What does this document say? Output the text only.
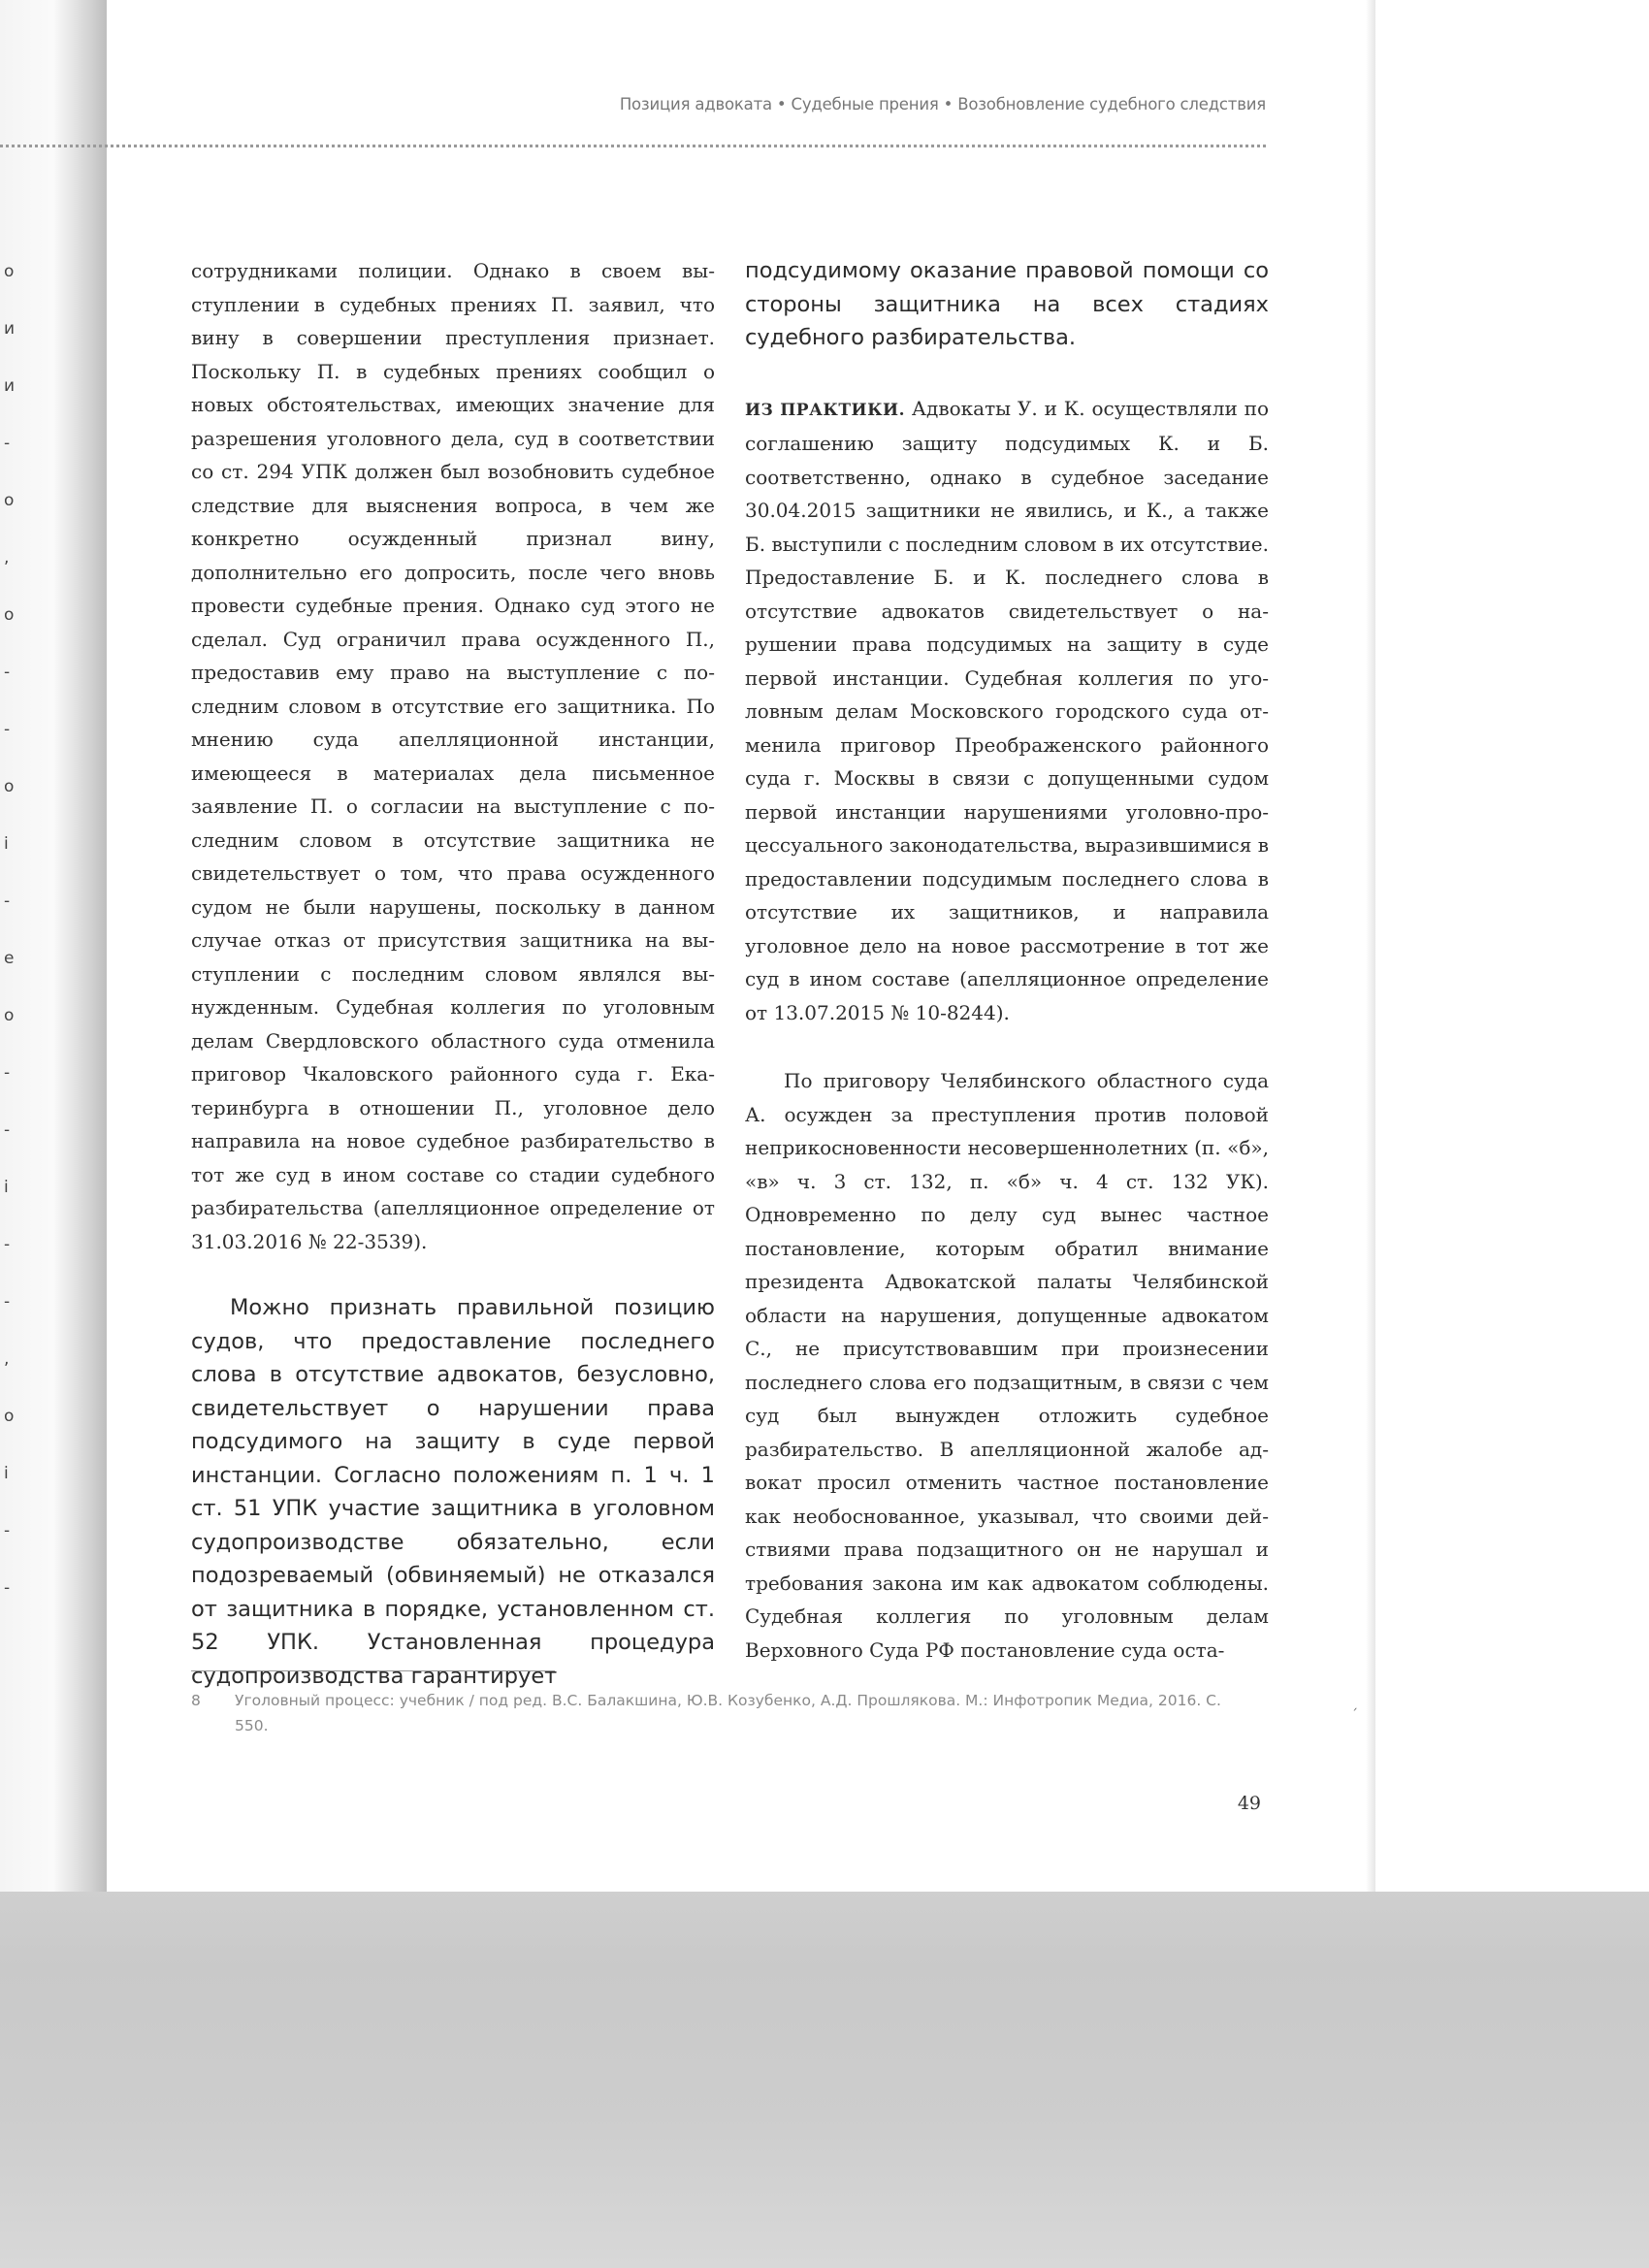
о
и
и
-
о
,
о
-
-
о
і
-
е
о
-
-
і
-
-
,
о
і
-
-
Позиция адвоката • Судебные прения • Возобновление судебного следствия

сотрудниками полиции. Однако в своем выступлении в судебных прениях П. заявил, что вину в совершении преступления признает. Поскольку П. в судебных прениях сообщил о новых обстоятельствах, имеющих значение для разрешения уголовного дела, суд в соответствии со ст. 294 УПК должен был возобновить судебное следствие для выяснения вопроса, в чем же конкретно осужденный признал вину, дополнительно его допросить, после чего вновь провести судебные прения. Однако суд этого не сделал. Суд ограничил права осужденного П., предоставив ему право на выступление с последним словом в отсутствие его защитника. По мнению суда апелляционной инстанции, имеющееся в материалах дела письменное заявление П. о согласии на выступление с последним словом в отсутствие защитника не свидетельствует о том, что права осужденного судом не были нарушены, поскольку в данном случае отказ от присутствия защитника на выступлении с последним словом являлся вынужденным. Судебная коллегия по уголовным делам Свердловского областного суда отменила приговор Чкаловского районного суда г. Екатеринбурга в отношении П., уголовное дело направила на новое судебное разбирательство в тот же суд в ином составе со стадии судебного разбирательства (апелляционное определение от 31.03.2016 № 22-3539).

Можно признать правильной позицию судов, что предоставление последнего слова в отсутствие адвокатов, безусловно, свидетельствует о нарушении права подсудимого на защиту в суде первой инстанции. Согласно положениям п. 1 ч. 1 ст. 51 УПК участие защитника в уголовном судопроизводстве обязательно, если подозреваемый (обвиняемый) не отказался от защитника в порядке, установленном ст. 52 УПК. Установленная процедура судопроизводства гарантирует

подсудимому оказание правовой помощи со стороны защитника на всех стадиях судебного разбирательства.

ИЗ ПРАКТИКИ. Адвокаты У. и К. осуществляли по соглашению защиту подсудимых К. и Б. соответственно, однако в судебное заседание 30.04.2015 защитники не явились, и К., а также Б. выступили с последним словом в их отсутствие. Предоставление Б. и К. последнего слова в отсутствие адвокатов свидетельствует о нарушении права подсудимых на защиту в суде первой инстанции. Судебная коллегия по уголовным делам Московского городского суда отменила приговор Преображенского районного суда г. Москвы в связи с допущенными судом первой инстанции нарушениями уголовно-процессуального законодательства, выразившимися в предоставлении подсудимым последнего слова в отсутствие их защитников, и направила уголовное дело на новое рассмотрение в тот же суд в ином составе (апелляционное определение от 13.07.2015 № 10-8244).

По приговору Челябинского областного суда А. осужден за преступления против половой неприкосновенности несовершеннолетних (п. «б», «в» ч. 3 ст. 132, п. «б» ч. 4 ст. 132 УК). Одновременно по делу суд вынес частное постановление, которым обратил внимание президента Адвокатской палаты Челябинской области на нарушения, допущенные адвокатом С., не присутствовавшим при произнесении последнего слова его подзащитным, в связи с чем суд был вынужден отложить судебное разбирательство. В апелляционной жалобе адвокат просил отменить частное постановление как необоснованное, указывал, что своими действиями права подзащитного он не нарушал и требования закона им как адвокатом соблюдены. Судебная коллегия по уголовным делам Верховного Суда РФ постановление суда оста-

8 Уголовный процесс: учебник / под ред. В.С. Балакшина, Ю.В. Козубенко, А.Д. Прошлякова. М.: Инфотропик Медиа, 2016. С. 550.
ˏ
49
